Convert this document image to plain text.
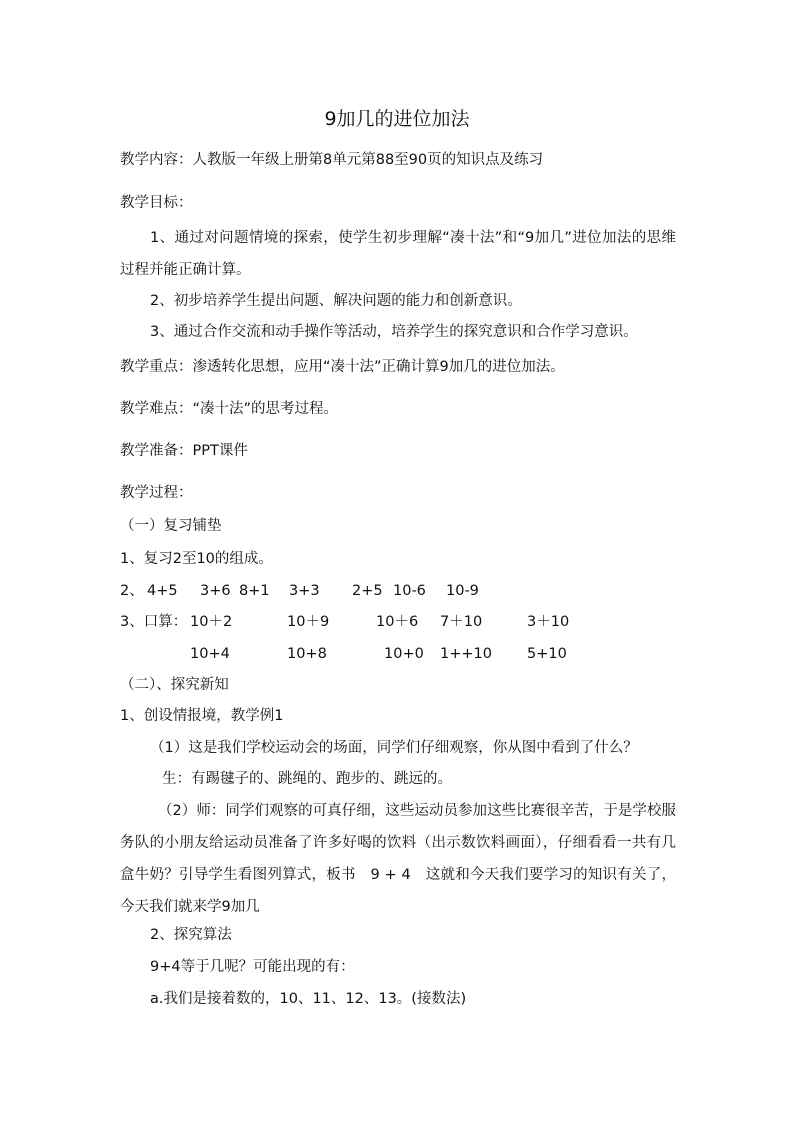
9加几的进位加法
教学内容：人教版一年级上册第8单元第88至90页的知识点及练习
教学目标：
1、通过对问题情境的探索，使学生初步理解“凑十法”和“9加几”进位加法的思维过程并能正确计算。
2、初步培养学生提出问题、解决问题的能力和创新意识。
3、通过合作交流和动手操作等活动，培养学生的探究意识和合作学习意识。
教学重点：渗透转化思想，应用“凑十法”正确计算9加几的进位加法。
教学难点：“凑十法”的思考过程。
教学准备：PPT课件
教学过程：
（一）复习铺垫
1、复习2至10的组成。
2、 4+5 3+6 8+1 3+3 2+5 10-6 10-9
3、口算： 10＋2	10＋9	10＋6 7＋10	3＋10
10+4	10+8	10+0 1++10 5+10
（二）、探究新知
1、创设情报境，教学例1
（1）这是我们学校运动会的场面，同学们仔细观察，你从图中看到了什么？
生：有踢毽子的、跳绳的、跑步的、跳远的。
（2）师：同学们观察的可真仔细，这些运动员参加这些比赛很辛苦，于是学校服务队的小朋友给运动员准备了许多好喝的饮料（出示数饮料画面），仔细看看一共有几盒牛奶？引导学生看图列算式，板书　9 + 4　这就和今天我们要学习的知识有关了，今天我们就来学9加几
2、探究算法
9+4等于几呢？可能出现的有：
a.我们是接着数的，10、11、12、13。(接数法)
